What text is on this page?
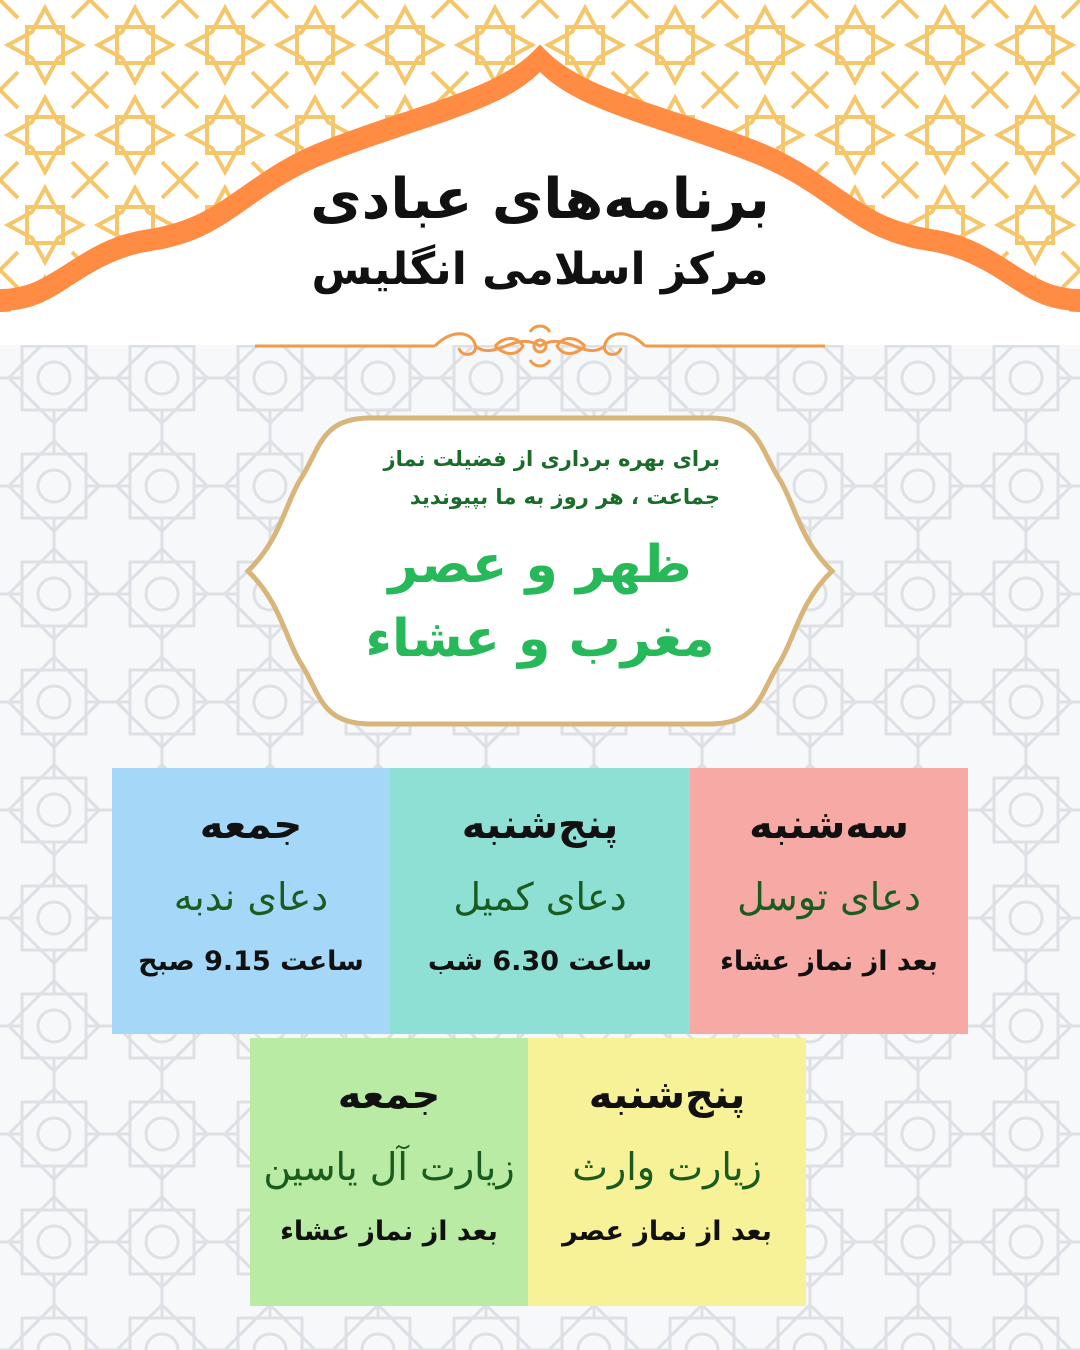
برنامه‌های عبادی
مرکز اسلامی انگلیس

برای بهره برداری از فضیلت نماز

جماعت ، هر روز به ما بپیوندید

ظهر و عصر
مغرب و عشاء

جمعه

دعای ندبه

ساعت 9.15 صبح

پنج‌شنبه

دعای کمیل

ساعت 6.30 شب

سه‌شنبه

دعای توسل

بعد از نماز عشاء

جمعه

زیارت آل یاسین

بعد از نماز عشاء

پنج‌شنبه

زیارت وارث

بعد از نماز عصر
